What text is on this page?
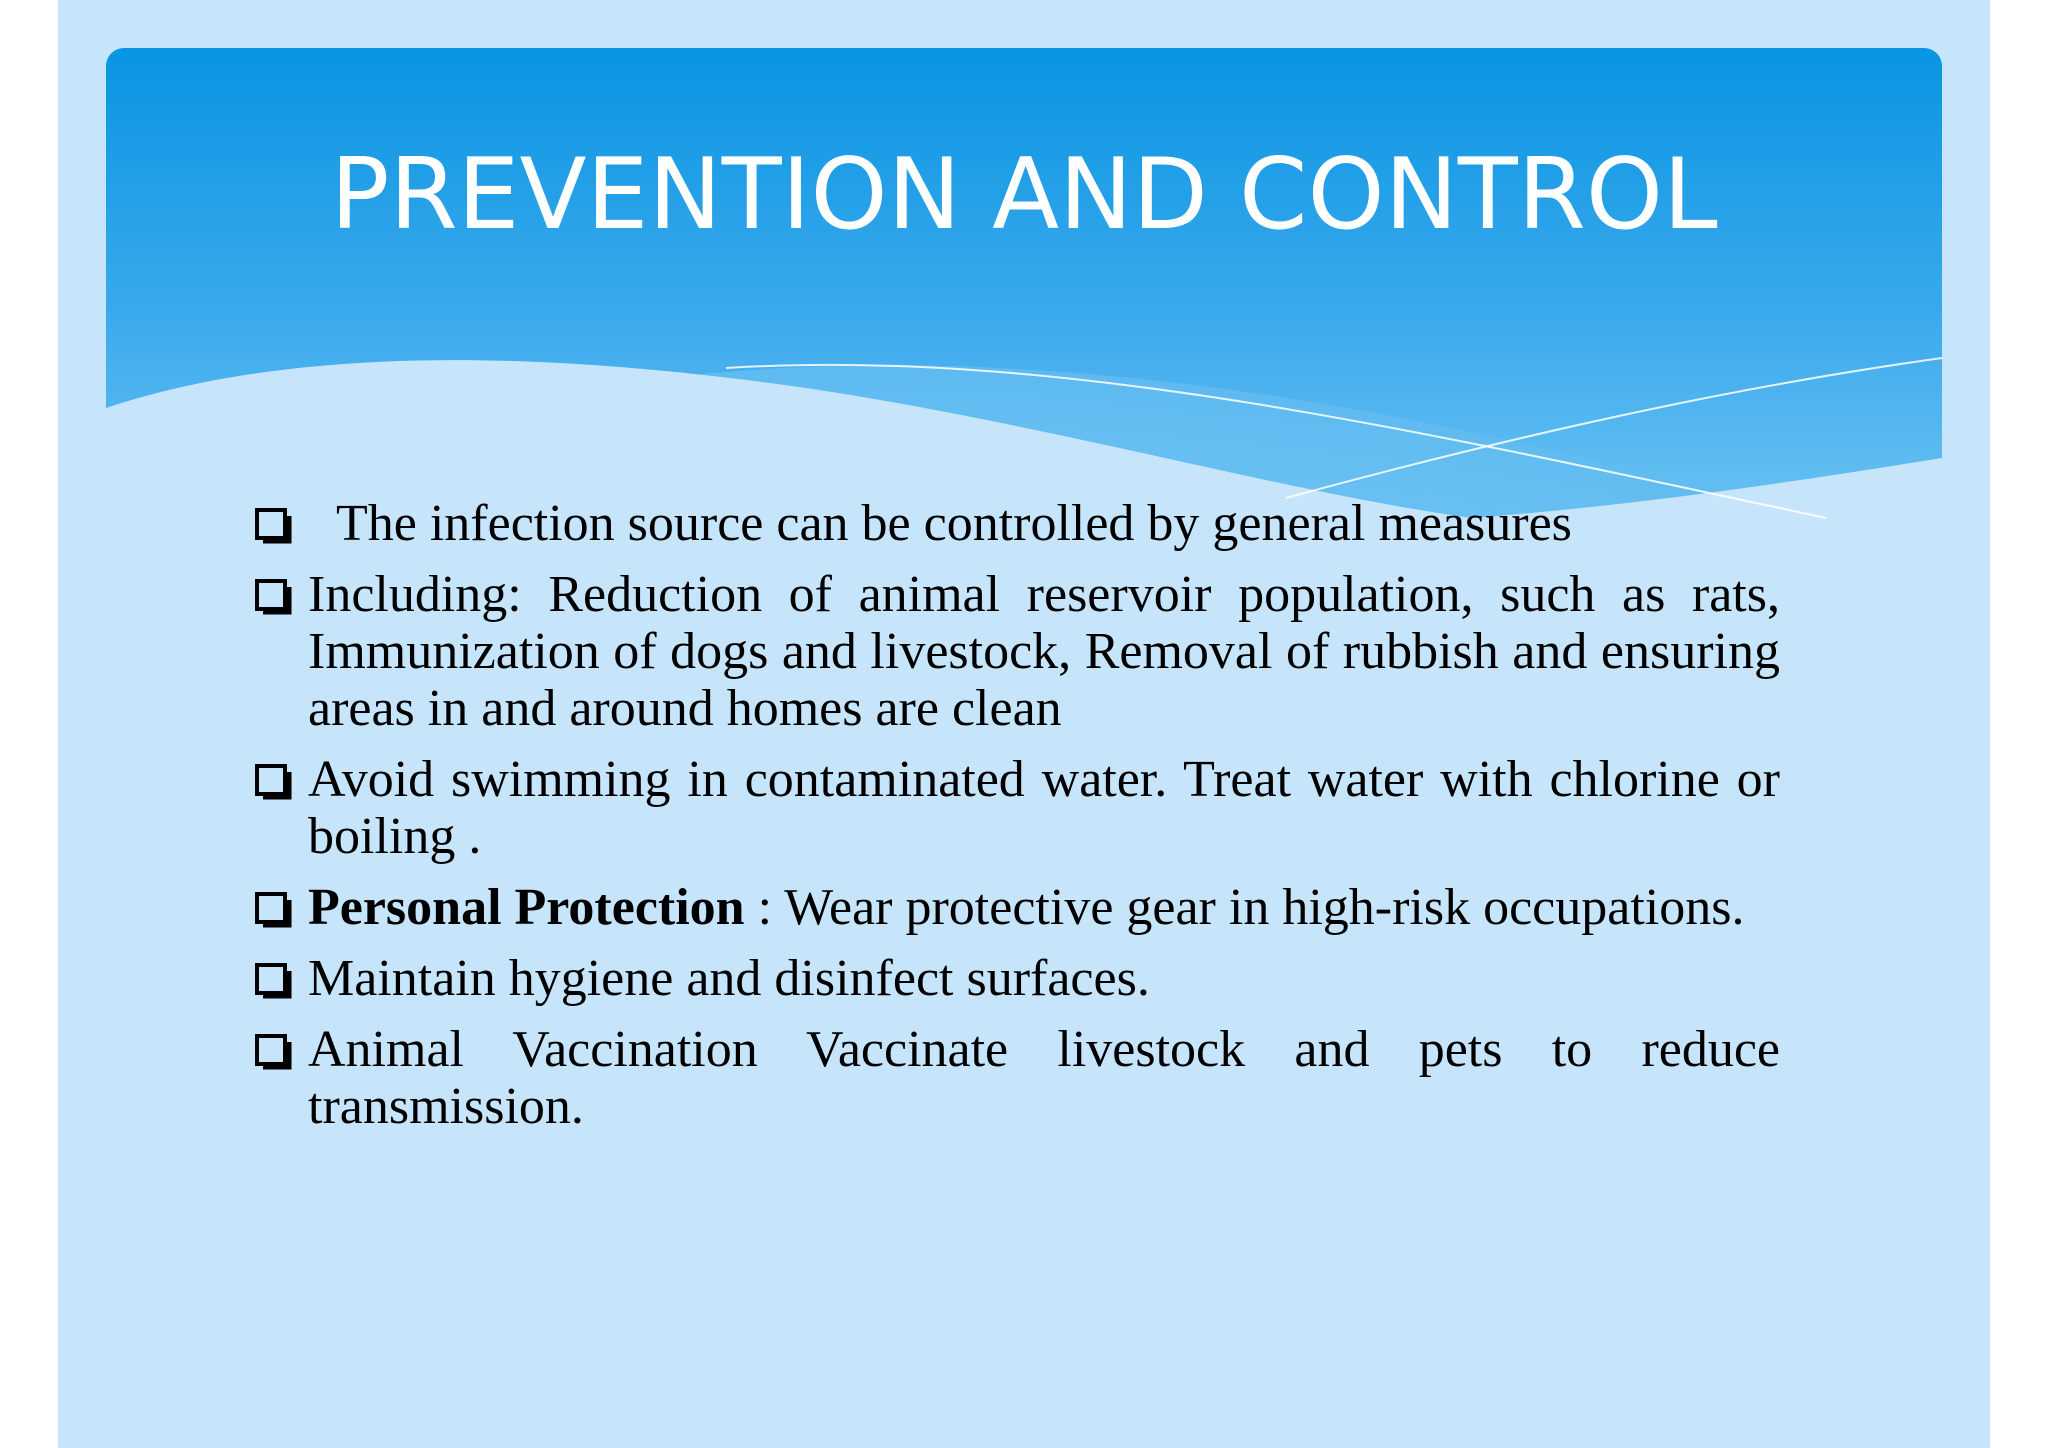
PREVENTION AND CONTROL
The infection source can be controlled by general measures
Including: Reduction of animal reservoir population, such as rats, Immunization of dogs and livestock, Removal of rubbish and ensuring areas in and around homes are clean
Avoid swimming in contaminated water. Treat water with chlorine or boiling .
Personal Protection : Wear protective gear in high-risk occupations.
Maintain hygiene and disinfect surfaces.
Animal Vaccination Vaccinate livestock and pets to reduce transmission.
